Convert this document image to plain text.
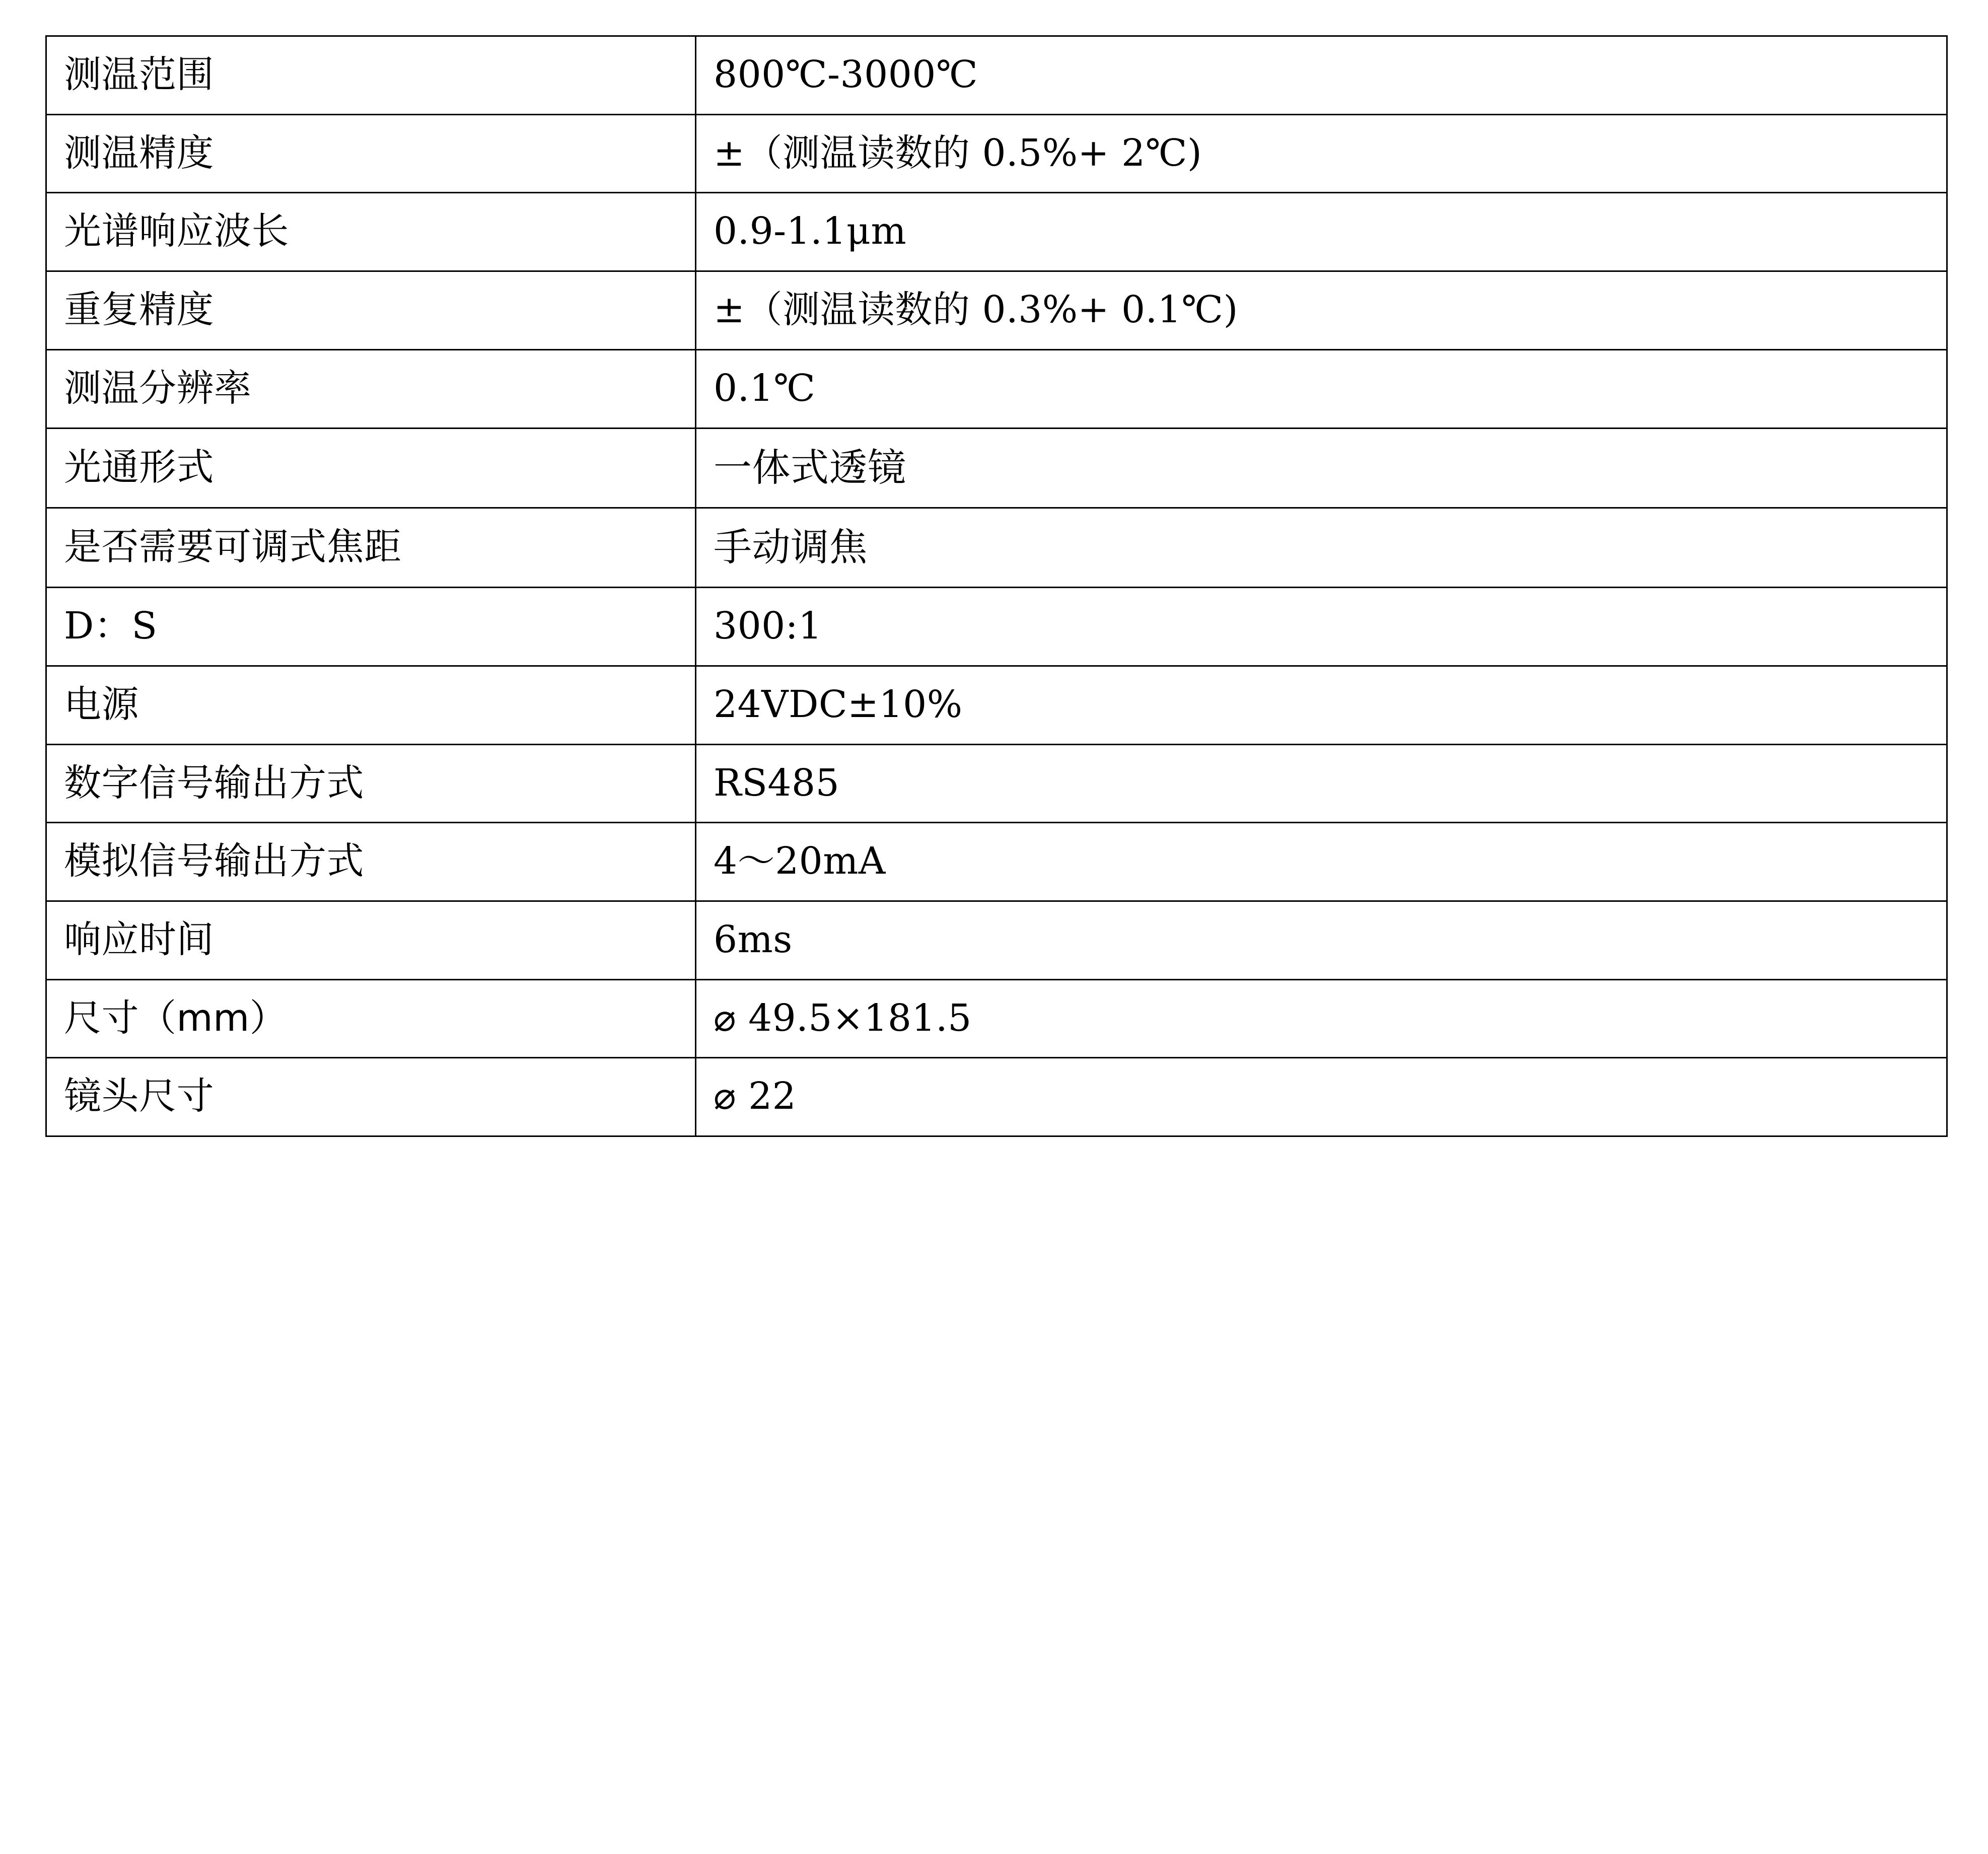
测温范围	800℃-3000℃
测温精度	±（测温读数的 0.5%+ 2℃)
光谱响应波长	0.9-1.1μm
重复精度	±（测温读数的 0.3%+ 0.1℃)
测温分辨率	0.1℃
光通形式	一体式透镜
是否需要可调式焦距	手动调焦
D：S	300:1
电源	24VDC±10%
数字信号输出方式	RS485
模拟信号输出方式	4～20mA
响应时间	6ms
尺寸（mm）	⌀ 49.5×181.5
镜头尺寸	⌀ 22
